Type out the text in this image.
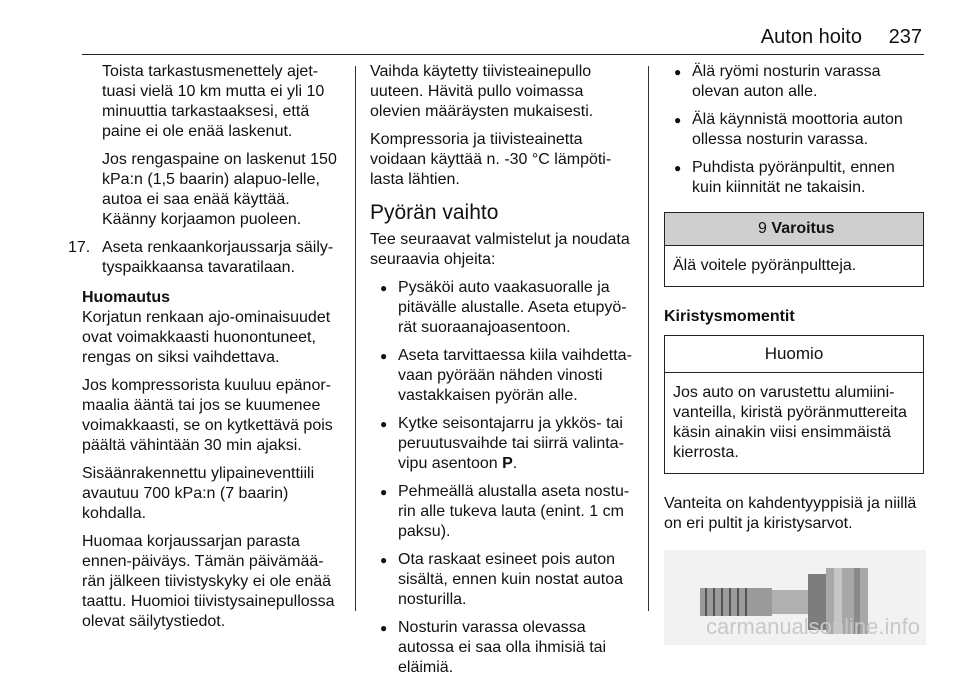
Auton hoito 237

Toista tarkastusmenettely ajet-tuasi vielä 10 km mutta ei yli 10 minuuttia tarkastaaksesi, että paine ei ole enää laskenut.

Jos rengaspaine on laskenut 150 kPa:n (1,5 baarin) alapuo-lelle, autoa ei saa enää käyttää. Käänny korjaamon puoleen.

17. Aseta renkaankorjaussarja säily-tyspaikkaansa tavaratilaan.
Huomautus

Korjatun renkaan ajo-ominaisuudet ovat voimakkaasti huonontuneet, rengas on siksi vaihdettava.

Jos kompressorista kuuluu epänor-maalia ääntä tai jos se kuumenee voimakkaasti, se on kytkettävä pois päältä vähintään 30 min ajaksi.

Sisäänrakennettu ylipaineventtiili avautuu 700 kPa:n (7 baarin) kohdalla.

Huomaa korjaussarjan parasta ennen-päiväys. Tämän päivämää-rän jälkeen tiivistyskyky ei ole enää taattu. Huomioi tiivistysainepullossa olevat säilytystiedot.

Vaihda käytetty tiivisteainepullo uuteen. Hävitä pullo voimassa olevien määräysten mukaisesti.

Kompressoria ja tiivisteainetta voidaan käyttää n. -30 °C lämpöti-lasta lähtien.

Pyörän vaihto

Tee seuraavat valmistelut ja noudata seuraavia ohjeita:

● Pysäköi auto vaakasuoralle ja pitävälle alustalle. Aseta etupyö-rät suoraanajoasentoon.
● Aseta tarvittaessa kiila vaihdetta-vaan pyörään nähden vinosti vastakkaisen pyörän alle.
● Kytke seisontajarru ja ykkös- tai peruutusvaihde tai siirrä valinta-vipu asentoon P.
● Pehmeällä alustalla aseta nostu-rin alle tukeva lauta (enint. 1 cm paksu).
● Ota raskaat esineet pois auton sisältä, ennen kuin nostat autoa nosturilla.
● Nosturin varassa olevassa autossa ei saa olla ihmisiä tai eläimiä.
● Älä ryömi nosturin varassa olevan auton alle.
● Älä käynnistä moottoria auton ollessa nosturin varassa.
● Puhdista pyöränpultit, ennen kuin kiinnität ne takaisin.
9 Varoitus
Älä voitele pyöränpultteja.

Kiristysmomentit

Huomio
Jos auto on varustettu alumiini-vanteilla, kiristä pyöränmuttereita käsin ainakin viisi ensimmäistä kierrosta.

Vanteita on kahdentyyppisiä ja niillä on eri pultit ja kiristysarvot.

carmanualsonline.info
